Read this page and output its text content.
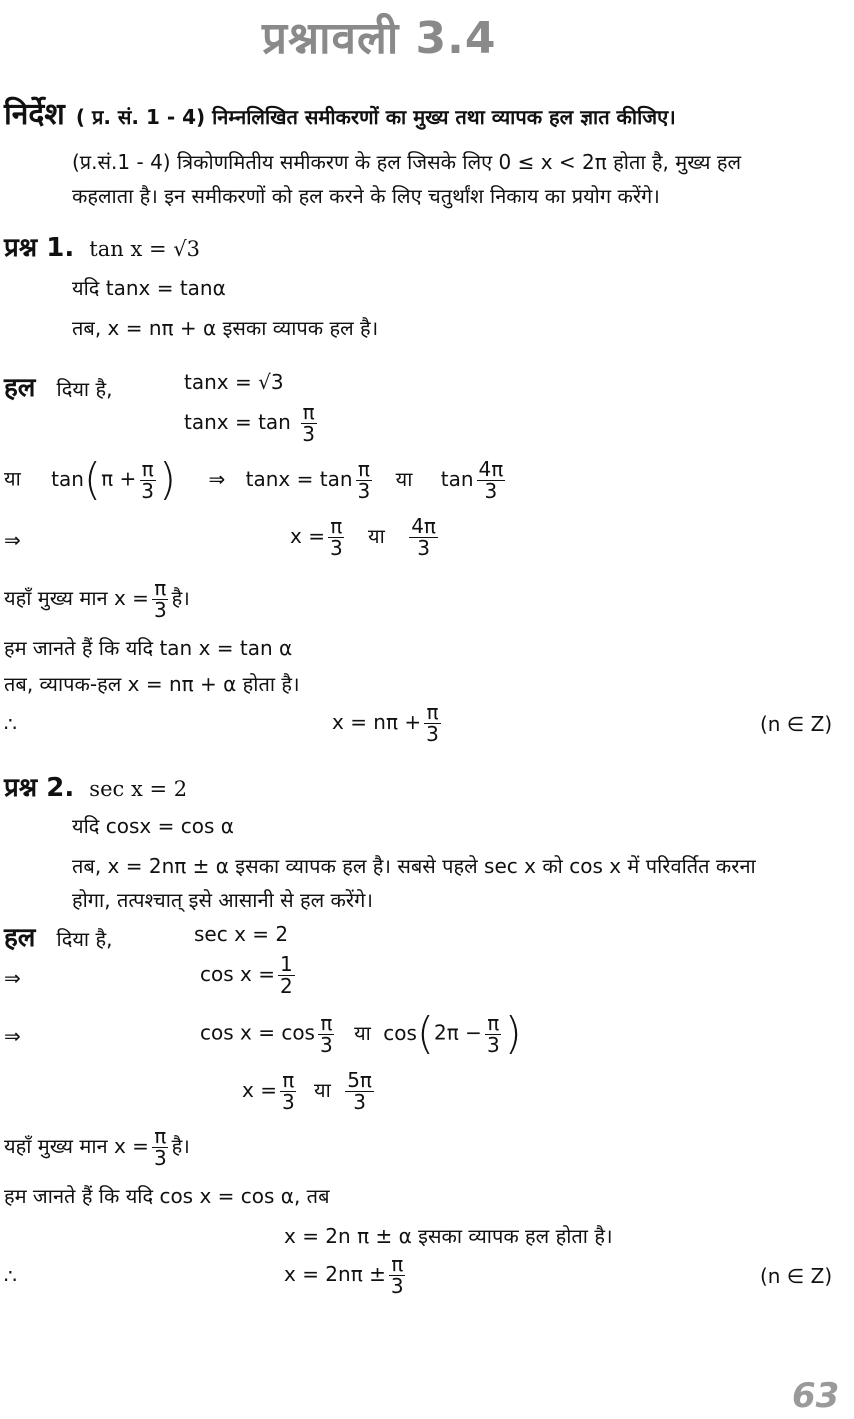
प्रश्नावली 3.4
निर्देश ( प्र. सं. 1 - 4) निम्नलिखित समीकरणों का मुख्य तथा व्यापक हल ज्ञात कीजिए।
(प्र.सं.1 - 4) त्रिकोणमितीय समीकरण के हल जिसके लिए 0 ≤ x < 2π होता है, मुख्य हल
कहलाता है। इन समीकरणों को हल करने के लिए चतुर्थांश निकाय का प्रयोग करेंगे।
प्रश्न 1. tan x = √3
यदि tanx = tanα
तब, x = nπ + α इसका व्यापक हल है।
हल दिया है,	tanx = √3
$\tan x = \tan \frac{\pi}{3}$
या $\tan(\pi + \frac{\pi}{3}$ ) ⇒ $\tan x = \tan \frac{\pi}{3}$ या $\tan \frac{4\pi}{3}$
⇒	$x = \frac{\pi}{3}$ या $\frac{4\pi}{3}$
यहाँ मुख्य मान $x = \frac{\pi}{3}$ है।
हम जानते हैं कि यदि tan x = tan α
तब, व्यापक-हल x = nπ + α होता है।
∴	$x = n\pi + \frac{\pi}{3}$	(n ∈ Z)
प्रश्न 2. sec x = 2
यदि cosx = cos α
तब, x = 2nπ ± α इसका व्यापक हल है। सबसे पहले sec x को cos x में परिवर्तित करना
होगा, तत्पश्चात् इसे आसानी से हल करेंगे।
हल दिया है,	sec x = 2
⇒	$\cos x = \frac{1}{2}$
⇒	$\cos x = \cos \frac{\pi}{3}$ या $\cos(2\pi - \frac{\pi}{3}$ )
$x = \frac{\pi}{3}$ या $\frac{5\pi}{3}$
यहाँ मुख्य मान $x = \frac{\pi}{3}$ है।
हम जानते हैं कि यदि cos x = cos α, तब
x = 2n π ± α इसका व्यापक हल होता है।
∴	$x = 2n\pi \pm \frac{\pi}{3}$	(n ∈ Z)
63
